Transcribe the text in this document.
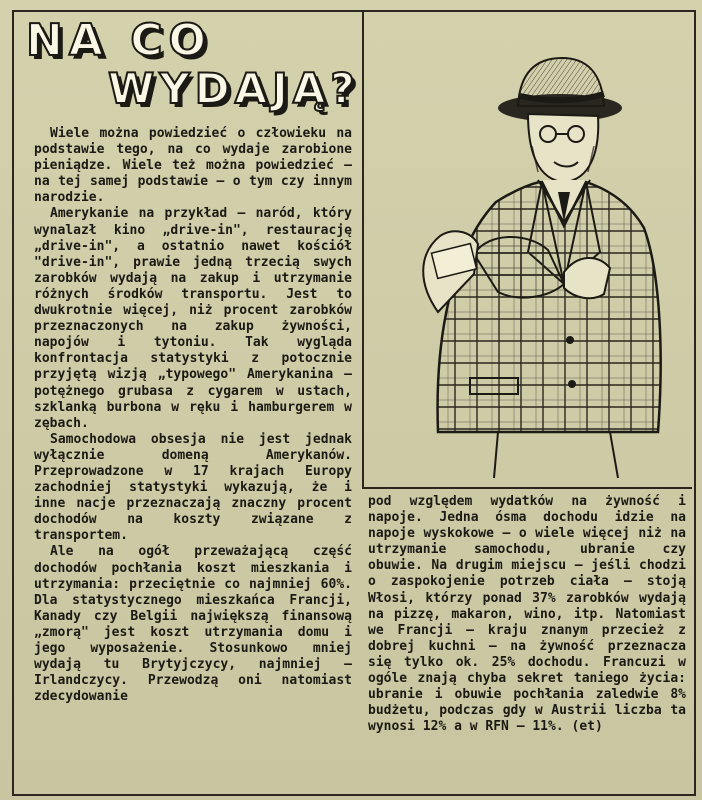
NA CO
WYDAJĄ?

Wiele można powiedzieć o człowieku na podstawie tego, na co wydaje zarobione pieniądze. Wiele też można powiedzieć — na tej samej podstawie — o tym czy innym narodzie.

Amerykanie na przykład — naród, który wynalazł kino „drive-in", restaurację „drive-in", a ostatnio nawet kościół "drive-in", prawie jedną trzecią swych zarobków wydają na zakup i utrzymanie różnych środków transportu. Jest to dwukrotnie więcej, niż procent zarobków przeznaczonych na zakup żywności, napojów i tytoniu. Tak wygląda konfrontacja statystyki z potocznie przyjętą wizją „typowego" Amerykanina — potężnego grubasa z cygarem w ustach, szklanką burbona w ręku i hamburgerem w zębach.

Samochodowa obsesja nie jest jednak wyłącznie domeną Amerykanów. Przeprowadzone w 17 krajach Europy zachodniej statystyki wykazują, że i inne nacje przeznaczają znaczny procent dochodów na koszty związane z transportem.

Ale na ogół przeważającą część dochodów pochłania koszt mieszkania i utrzymania: przeciętnie co najmniej 60%. Dla statystycznego mieszkańca Francji, Kanady czy Belgii największą finansową „zmorą" jest koszt utrzymania domu i jego wyposażenie. Stosunkowo mniej wydają tu Brytyjczycy, najmniej — Irlandczycy. Przewodzą oni natomiast zdecydowanie

pod względem wydatków na żywność i napoje. Jedna ósma dochodu idzie na napoje wyskokowe — o wiele więcej niż na utrzymanie samochodu, ubranie czy obuwie. Na drugim miejscu — jeśli chodzi o zaspokojenie potrzeb ciała — stoją Włosi, którzy ponad 37% zarobków wydają na pizzę, makaron, wino, itp. Natomiast we Francji — kraju znanym przecież z dobrej kuchni — na żywność przeznacza się tylko ok. 25% dochodu. Francuzi w ogóle znają chyba sekret taniego życia: ubranie i obuwie pochłania zaledwie 8% budżetu, podczas gdy w Austrii liczba ta wynosi 12% a w RFN — 11%. (et)
